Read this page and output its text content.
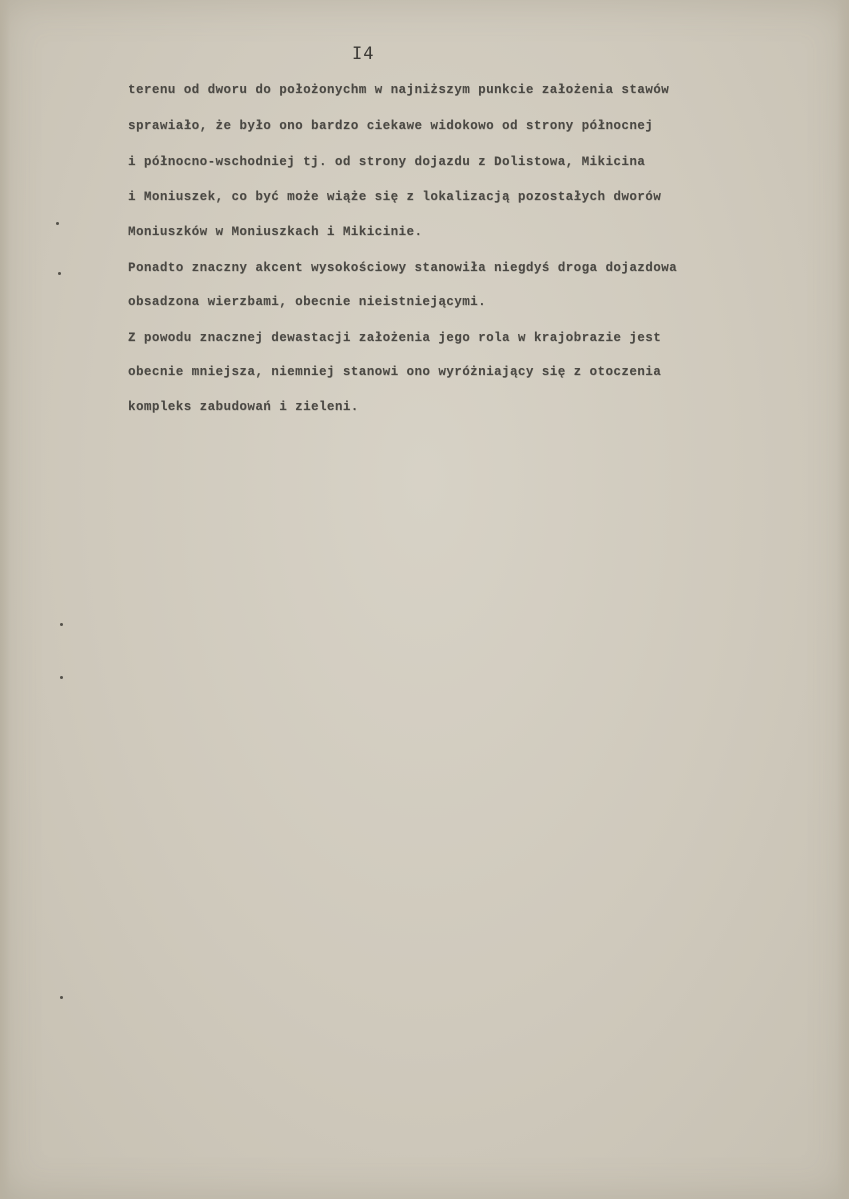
I4
terenu od dworu do położonychm w najniższym punkcie założenia stawów
sprawiało, że było ono bardzo ciekawe widokowo od strony północnej
i północno-wschodniej tj. od strony dojazdu z Dolistowa, Mikicina
i Moniuszek, co być może wiąże się z lokalizacją pozostałych dworów
Moniuszków w Moniuszkach i Mikicinie.
Ponadto znaczny akcent wysokościowy stanowiła niegdyś droga dojazdowa
obsadzona wierzbami, obecnie nieistniejącymi.
Z powodu znacznej dewastacji założenia jego rola w krajobrazie jest
obecnie mniejsza, niemniej stanowi ono wyróżniający się z otoczenia
kompleks zabudowań i zieleni.
